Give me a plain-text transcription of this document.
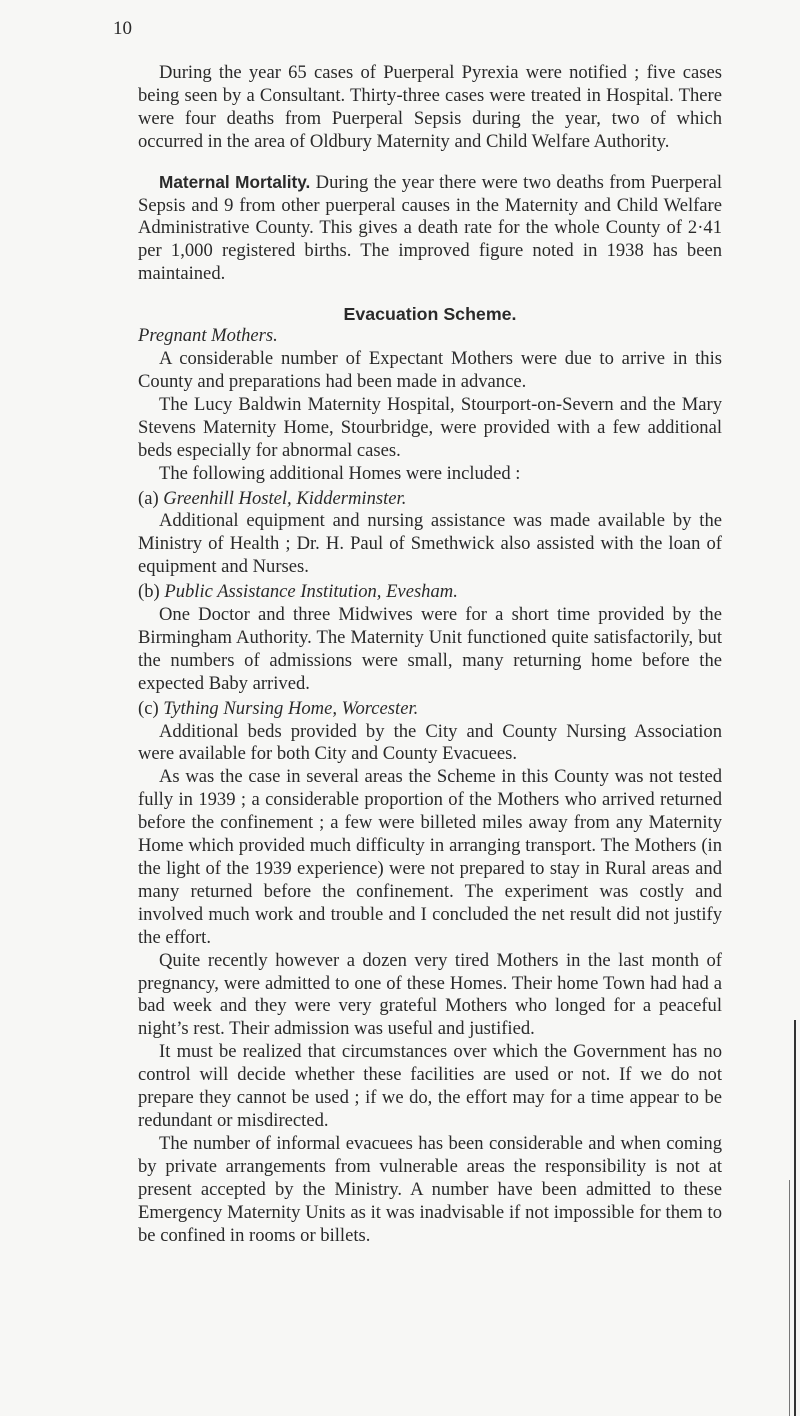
10

During the year 65 cases of Puerperal Pyrexia were notified ; five cases being seen by a Consultant. Thirty-three cases were treated in Hospital. There were four deaths from Puerperal Sepsis during the year, two of which occurred in the area of Oldbury Maternity and Child Welfare Authority.

Maternal Mortality. During the year there were two deaths from Puerperal Sepsis and 9 from other puerperal causes in the Maternity and Child Welfare Administrative County. This gives a death rate for the whole County of 2·41 per 1,000 registered births. The improved figure noted in 1938 has been maintained.

Evacuation Scheme.

Pregnant Mothers.

A considerable number of Expectant Mothers were due to arrive in this County and preparations had been made in advance.

The Lucy Baldwin Maternity Hospital, Stourport-on-Severn and the Mary Stevens Maternity Home, Stourbridge, were provided with a few additional beds especially for abnormal cases.

The following additional Homes were included :

(a) Greenhill Hostel, Kidderminster.

Additional equipment and nursing assistance was made available by the Ministry of Health ; Dr. H. Paul of Smethwick also assisted with the loan of equipment and Nurses.

(b) Public Assistance Institution, Evesham.

One Doctor and three Midwives were for a short time provided by the Birmingham Authority. The Maternity Unit functioned quite satisfactorily, but the numbers of admissions were small, many returning home before the expected Baby arrived.

(c) Tything Nursing Home, Worcester.

Additional beds provided by the City and County Nursing Association were available for both City and County Evacuees.

As was the case in several areas the Scheme in this County was not tested fully in 1939 ; a considerable proportion of the Mothers who arrived returned before the confinement ; a few were billeted miles away from any Maternity Home which provided much difficulty in arranging transport. The Mothers (in the light of the 1939 experience) were not prepared to stay in Rural areas and many returned before the confinement. The experiment was costly and involved much work and trouble and I concluded the net result did not justify the effort.

Quite recently however a dozen very tired Mothers in the last month of pregnancy, were admitted to one of these Homes. Their home Town had had a bad week and they were very grateful Mothers who longed for a peaceful night’s rest. Their admission was useful and justified.

It must be realized that circumstances over which the Government has no control will decide whether these facilities are used or not. If we do not prepare they cannot be used ; if we do, the effort may for a time appear to be redundant or misdirected.

The number of informal evacuees has been considerable and when coming by private arrangements from vulnerable areas the responsibility is not at present accepted by the Ministry. A number have been admitted to these Emergency Maternity Units as it was inadvisable if not impossible for them to be confined in rooms or billets.
